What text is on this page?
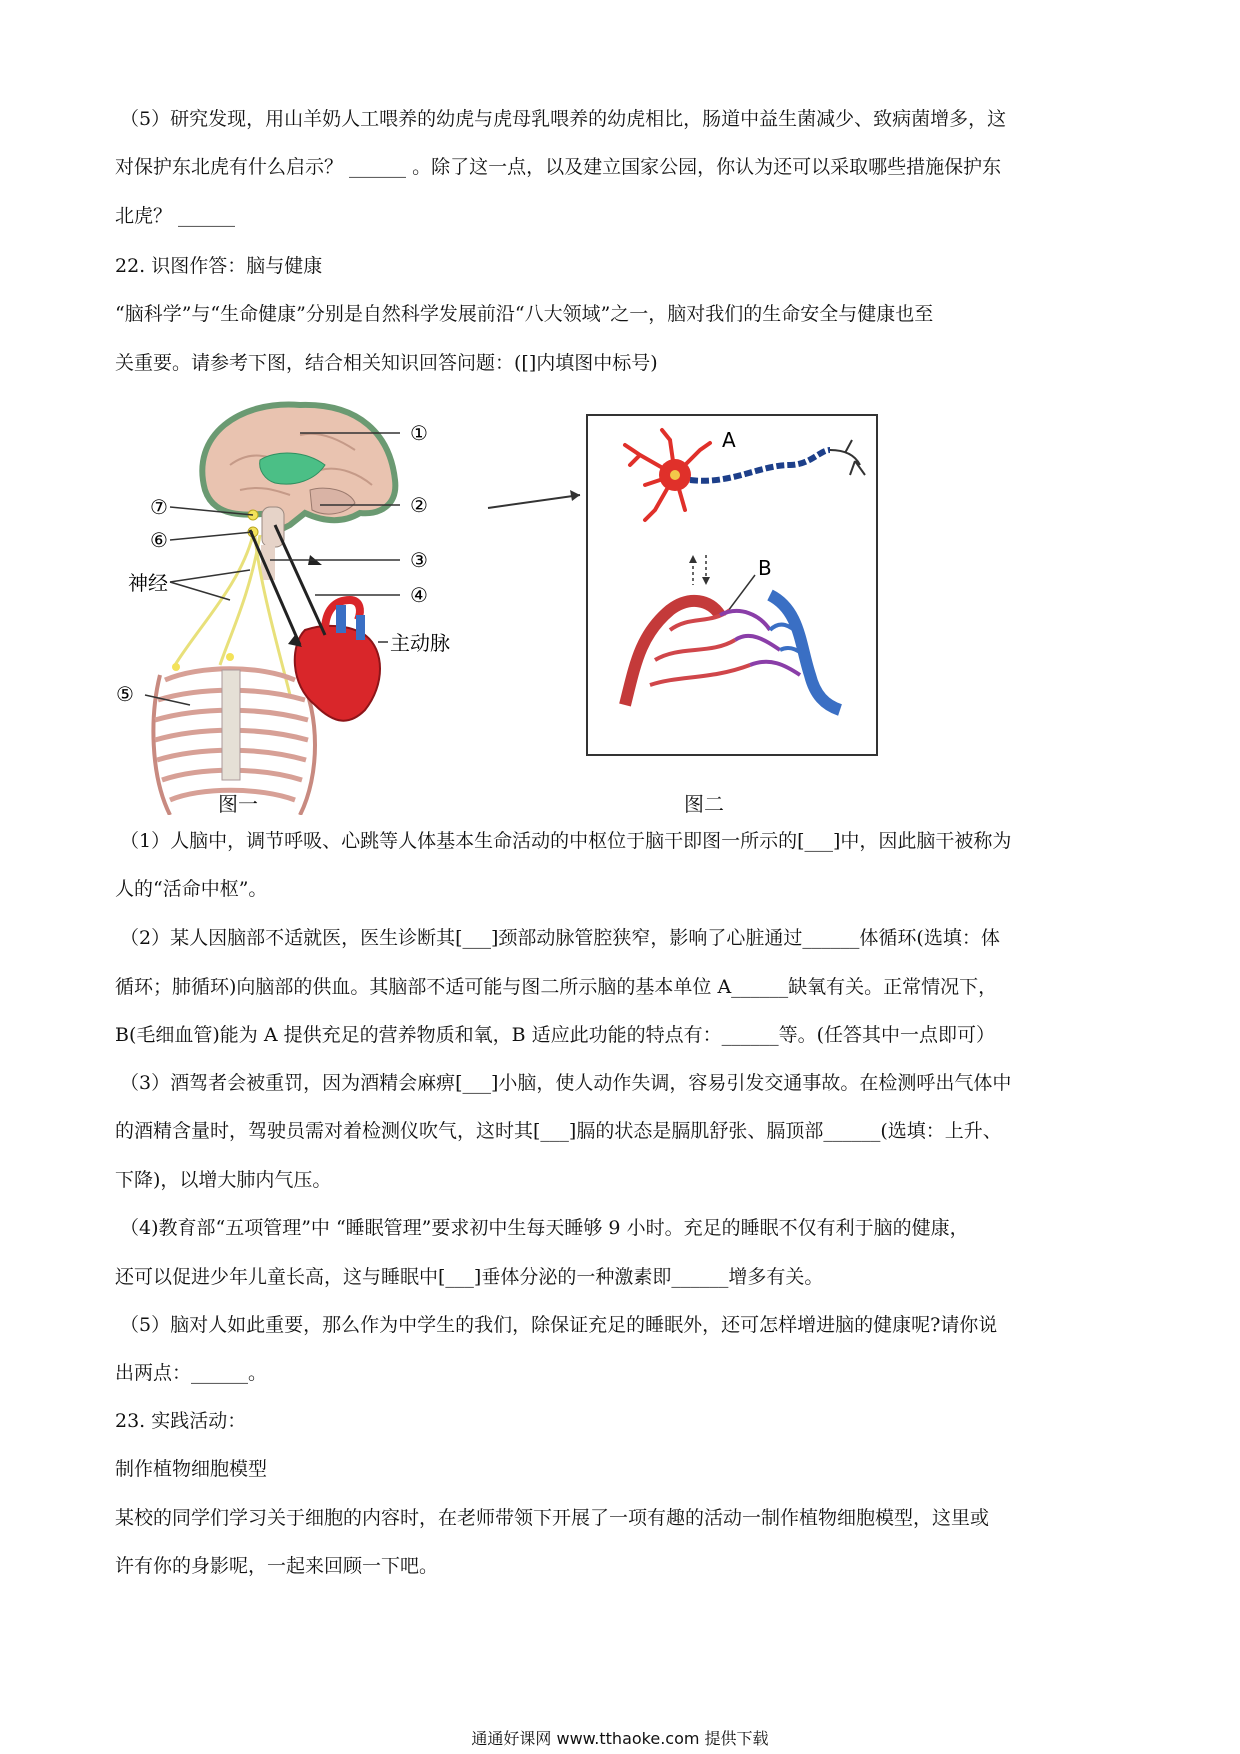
（5）研究发现，用山羊奶人工喂养的幼虎与虎母乳喂养的幼虎相比，肠道中益生菌减少、致病菌增多，这
对保护东北虎有什么启示？ ______ 。除了这一点，以及建立国家公园，你认为还可以采取哪些措施保护东
北虎？ ______
22. 识图作答：脑与健康
“脑科学”与“生命健康”分别是自然科学发展前沿“八大领域”之一，脑对我们的生命安全与健康也至
关重要。请参考下图，结合相关知识回答问题：([]内填图中标号)
①
②
③
④
⑤
⑥
⑦
神经
主动脉
A
B
图一	图二
（1）人脑中，调节呼吸、心跳等人体基本生命活动的中枢位于脑干即图一所示的[___]中，因此脑干被称为
人的“活命中枢”。
（2）某人因脑部不适就医，医生诊断其[___]颈部动脉管腔狭窄，影响了心脏通过______体循环(选填：体
循环；肺循环)向脑部的供血。其脑部不适可能与图二所示脑的基本单位 A______缺氧有关。正常情况下，
B(毛细血管)能为 A 提供充足的营养物质和氧，B 适应此功能的特点有：______等。(任答其中一点即可）
（3）酒驾者会被重罚，因为酒精会麻痹[___]小脑，使人动作失调，容易引发交通事故。在检测呼出气体中
的酒精含量时，驾驶员需对着检测仪吹气，这时其[___]膈的状态是膈肌舒张、膈顶部______(选填：上升、
下降)，以增大肺内气压。
（4)教育部“五项管理”中 “睡眠管理”要求初中生每天睡够 9 小时。充足的睡眠不仅有利于脑的健康，
还可以促进少年儿童长高，这与睡眠中[___]垂体分泌的一种激素即______增多有关。
（5）脑对人如此重要，那么作为中学生的我们，除保证充足的睡眠外，还可怎样增进脑的健康呢?请你说
出两点：______。
23. 实践活动：
制作植物细胞模型
某校的同学们学习关于细胞的内容时，在老师带领下开展了一项有趣的活动一制作植物细胞模型，这里或
许有你的身影呢，一起来回顾一下吧。
通通好课网 www.tthaoke.com 提供下载
